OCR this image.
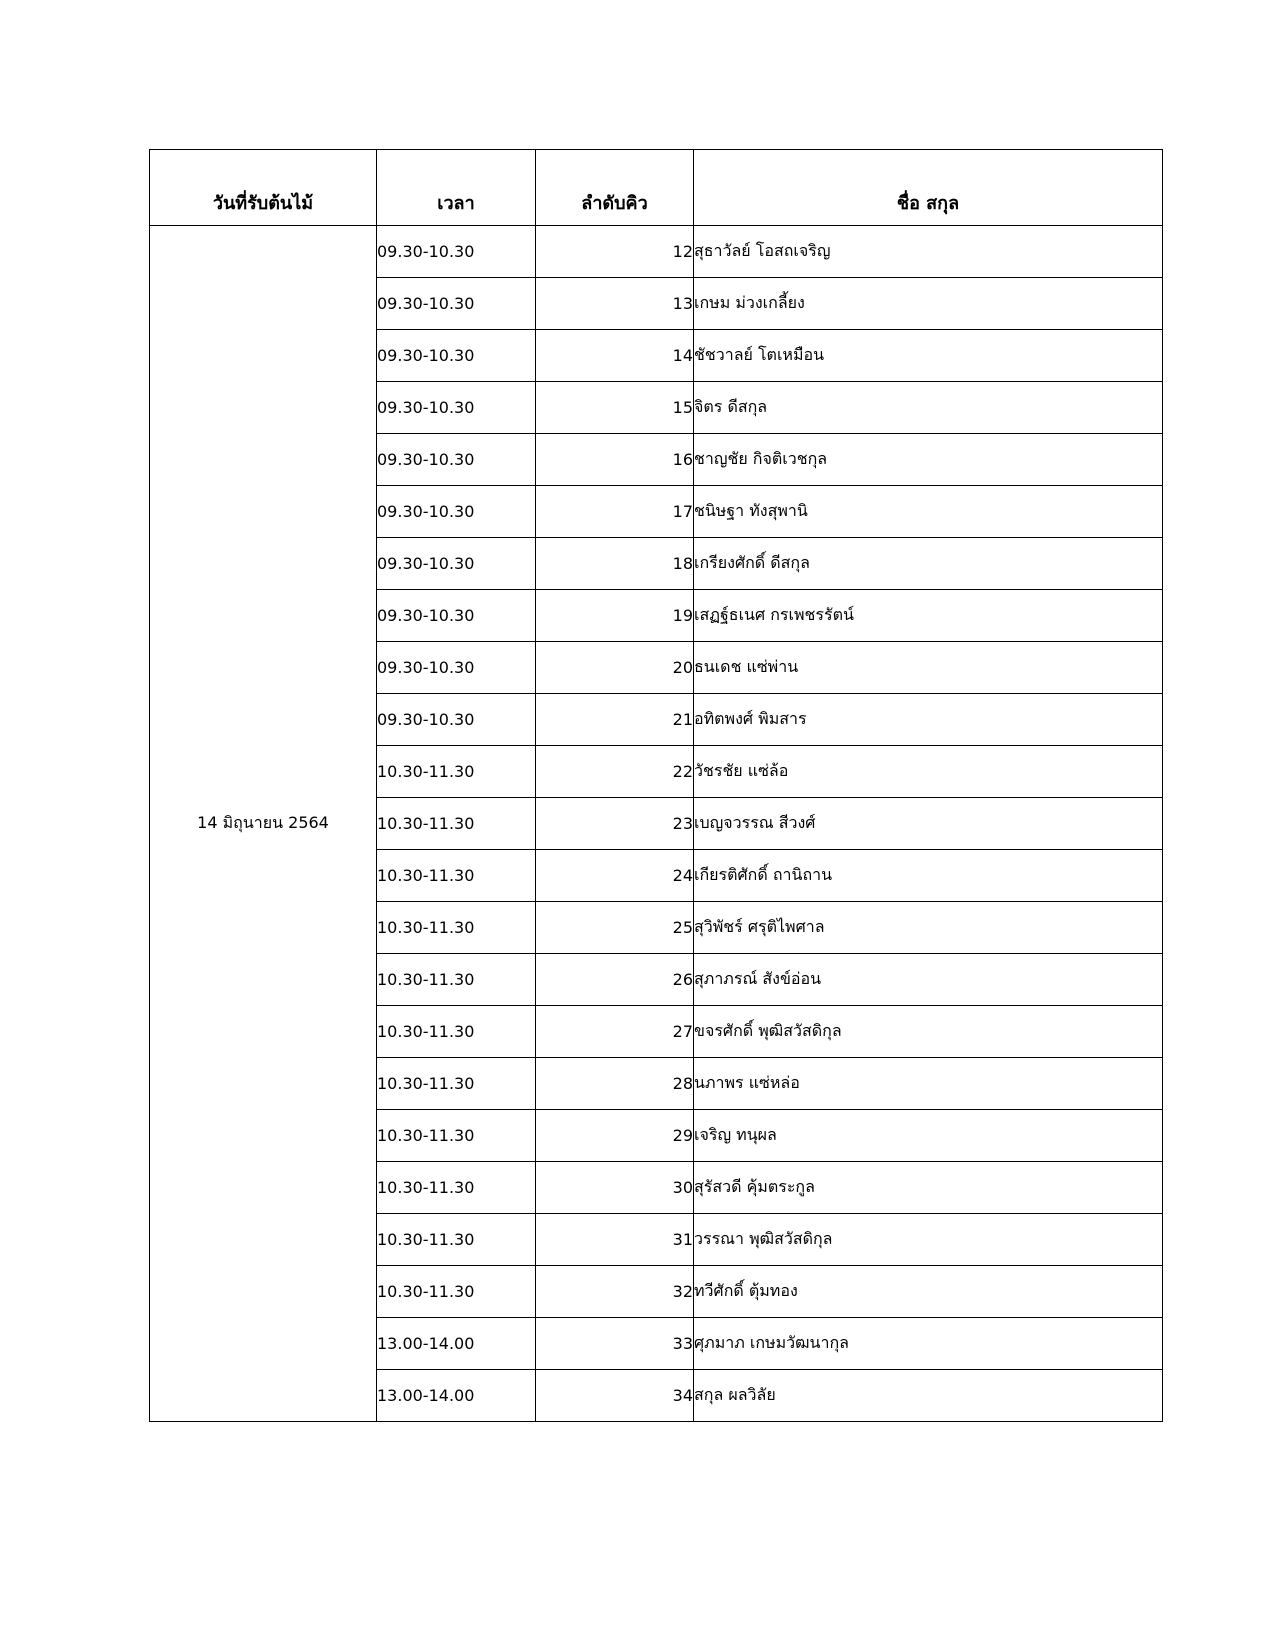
วันที่รับต้นไม้	เวลา	ลำดับคิว	ชื่อ สกุล
14 มิถุนายน 2564	09.30-10.30	12	สุธาวัลย์ โอสถเจริญ
	09.30-10.30	13	เกษม ม่วงเกลี้ยง
	09.30-10.30	14	ชัชวาลย์ โตเหมือน
	09.30-10.30	15	จิตร ดีสกุล
	09.30-10.30	16	ชาญชัย กิจติเวชกุล
	09.30-10.30	17	ชนิษฐา ทังสุพานิ
	09.30-10.30	18	เกรียงศักดิ์ ดีสกุล
	09.30-10.30	19	เสฏฐ์ธเนศ กรเพชรรัตน์
	09.30-10.30	20	ธนเดช แซ่พ่าน
	09.30-10.30	21	อทิตพงศ์ พิมสาร
	10.30-11.30	22	วัชรชัย แซ่ล้อ
	10.30-11.30	23	เบญจวรรณ สีวงศ์
	10.30-11.30	24	เกียรติศักดิ์ ถานิถาน
	10.30-11.30	25	สุวิพัชร์ ศรุติไพศาล
	10.30-11.30	26	สุภาภรณ์ สังข์อ่อน
	10.30-11.30	27	ขจรศักดิ์ พุฒิสวัสดิกุล
	10.30-11.30	28	นภาพร แซ่หล่อ
	10.30-11.30	29	เจริญ ทนุผล
	10.30-11.30	30	สุรัสวดี คุ้มตระกูล
	10.30-11.30	31	วรรณา พุฒิสวัสดิกุล
	10.30-11.30	32	ทวีศักดิ์ ตุ้มทอง
	13.00-14.00	33	ศุภมาภ เกษมวัฒนากุล
	13.00-14.00	34	สกุล ผลวิลัย
